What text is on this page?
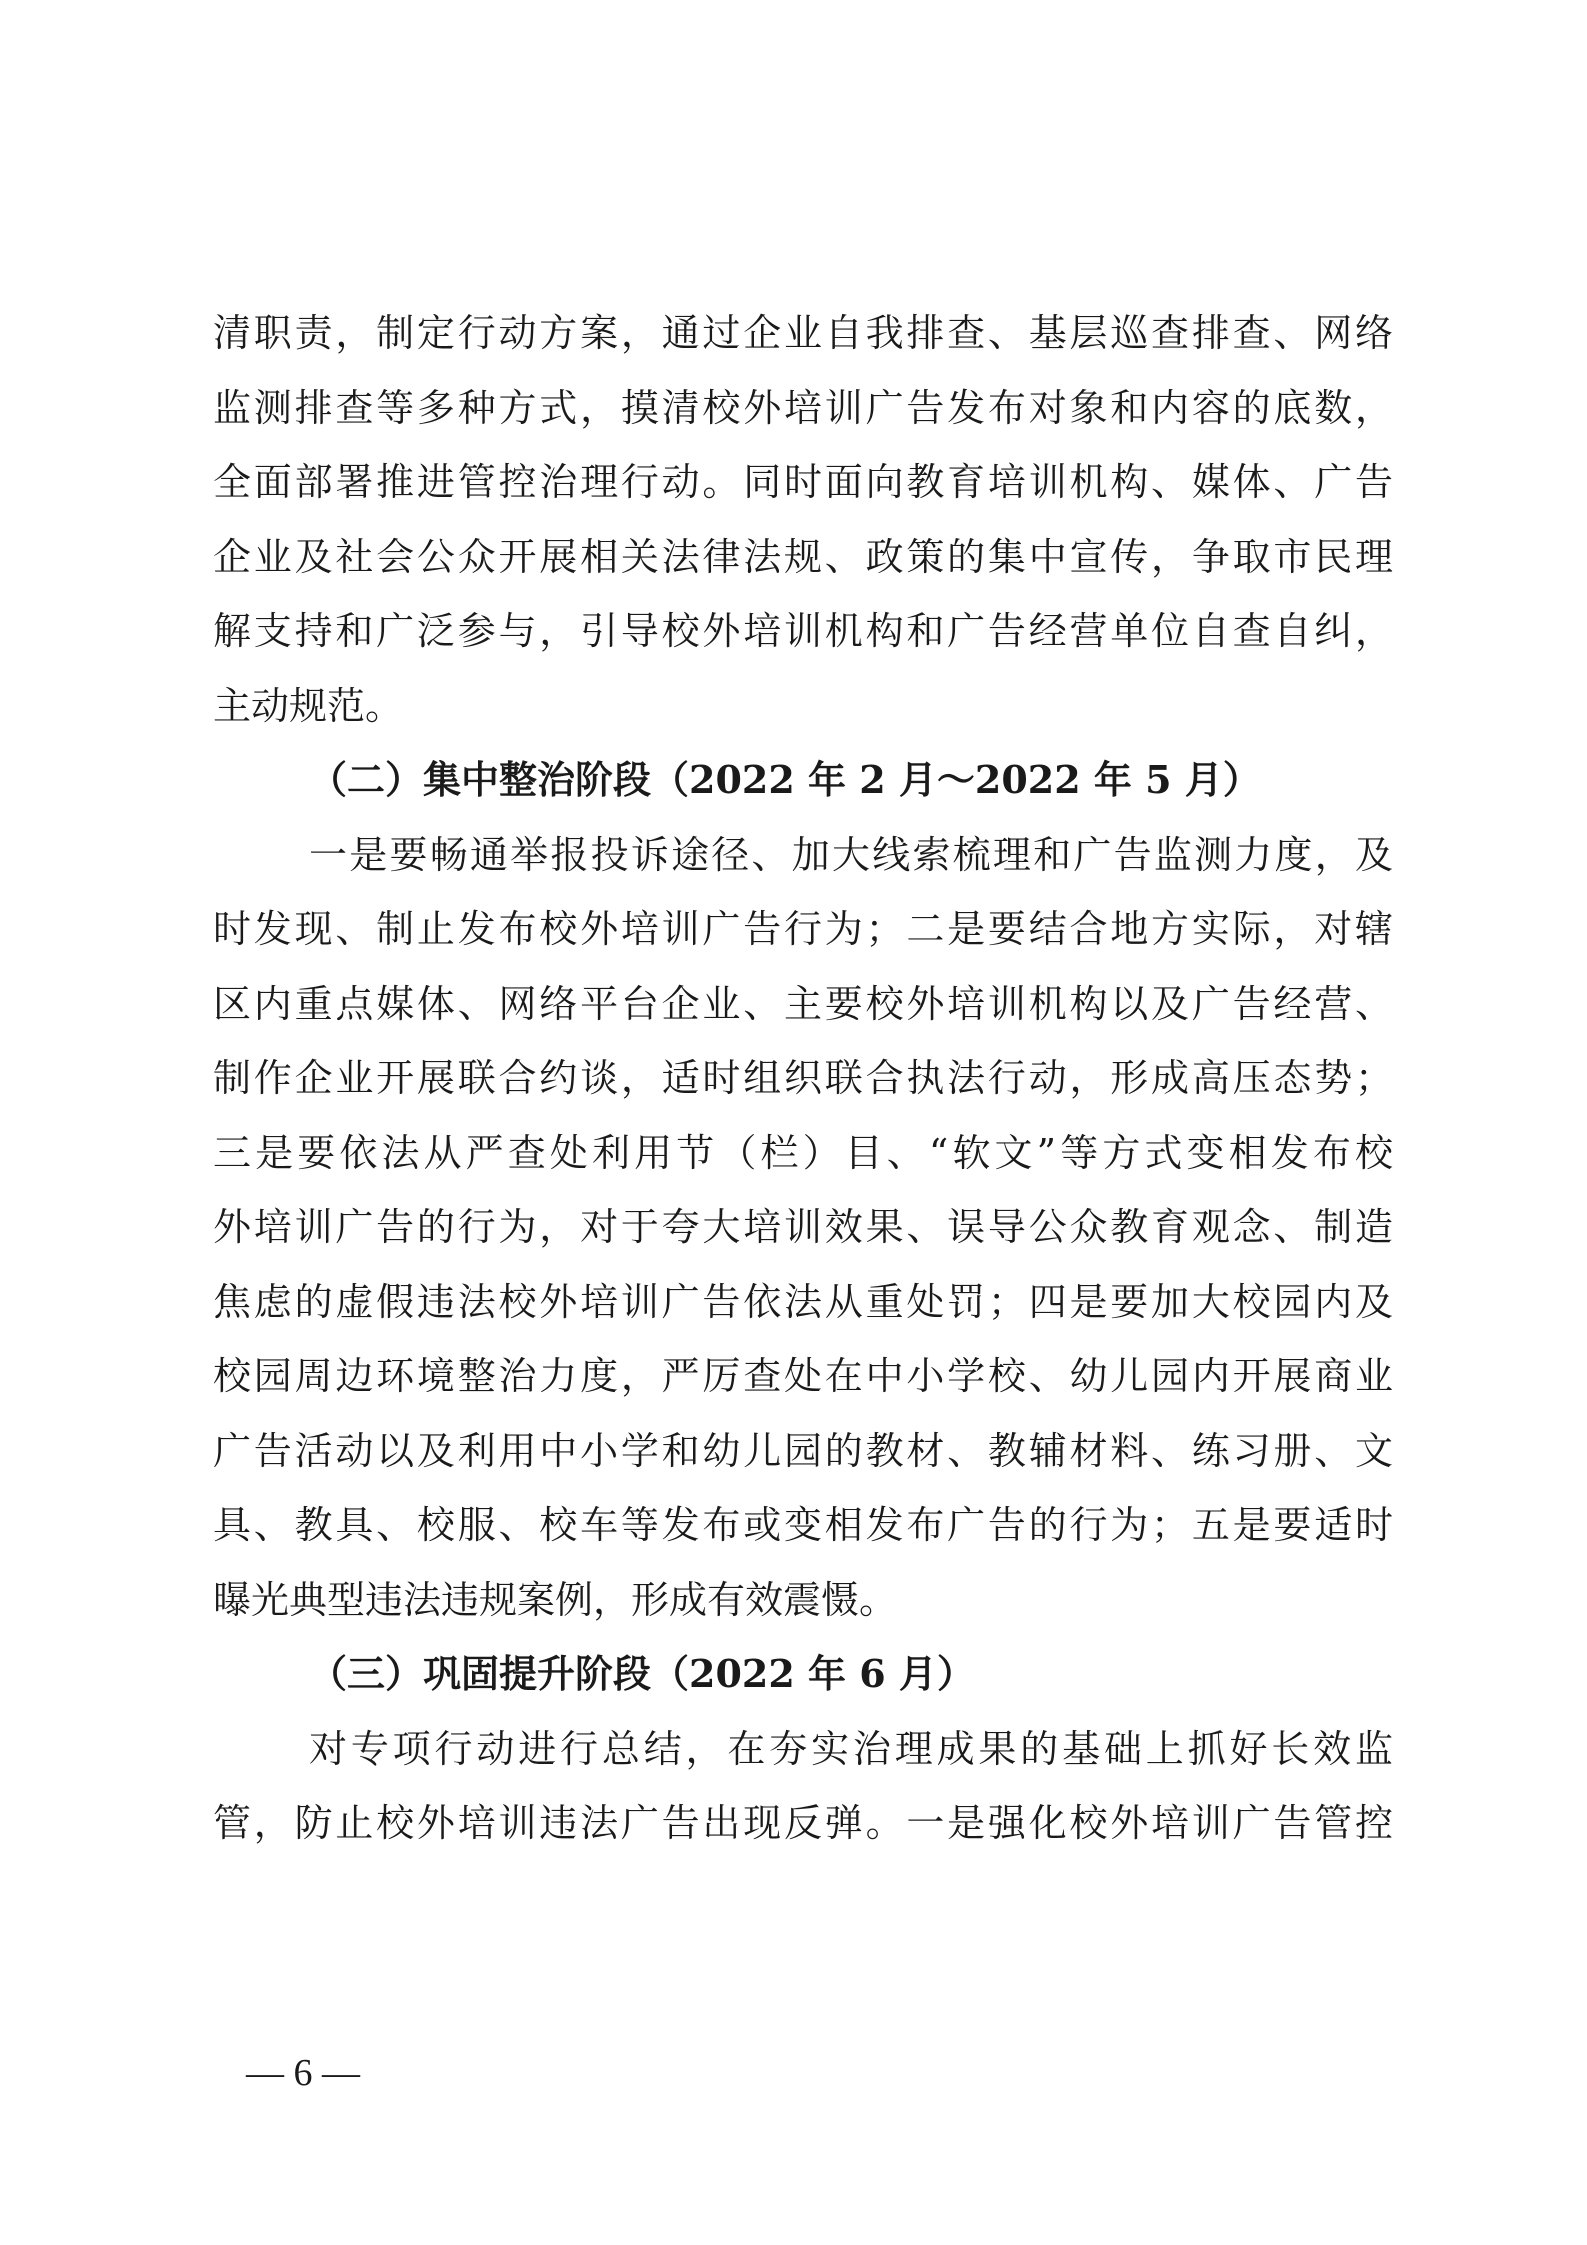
清职责，制定行动方案，通过企业自我排查、基层巡查排查、网络
监测排查等多种方式，摸清校外培训广告发布对象和内容的底数，
全面部署推进管控治理行动。同时面向教育培训机构、媒体、广告
企业及社会公众开展相关法律法规、政策的集中宣传，争取市民理
解支持和广泛参与，引导校外培训机构和广告经营单位自查自纠，
主动规范。
（二）集中整治阶段（2022 年 2 月～2022 年 5 月）
一是要畅通举报投诉途径、加大线索梳理和广告监测力度，及
时发现、制止发布校外培训广告行为；二是要结合地方实际，对辖
区内重点媒体、网络平台企业、主要校外培训机构以及广告经营、
制作企业开展联合约谈，适时组织联合执法行动，形成高压态势；
三是要依法从严查处利用节（栏）目、“软文”等方式变相发布校
外培训广告的行为，对于夸大培训效果、误导公众教育观念、制造
焦虑的虚假违法校外培训广告依法从重处罚；四是要加大校园内及
校园周边环境整治力度，严厉查处在中小学校、幼儿园内开展商业
广告活动以及利用中小学和幼儿园的教材、教辅材料、练习册、文
具、教具、校服、校车等发布或变相发布广告的行为；五是要适时
曝光典型违法违规案例，形成有效震慑。
（三）巩固提升阶段（2022 年 6 月）
对专项行动进行总结，在夯实治理成果的基础上抓好长效监
管，防止校外培训违法广告出现反弹。一是强化校外培训广告管控
— 6 —
